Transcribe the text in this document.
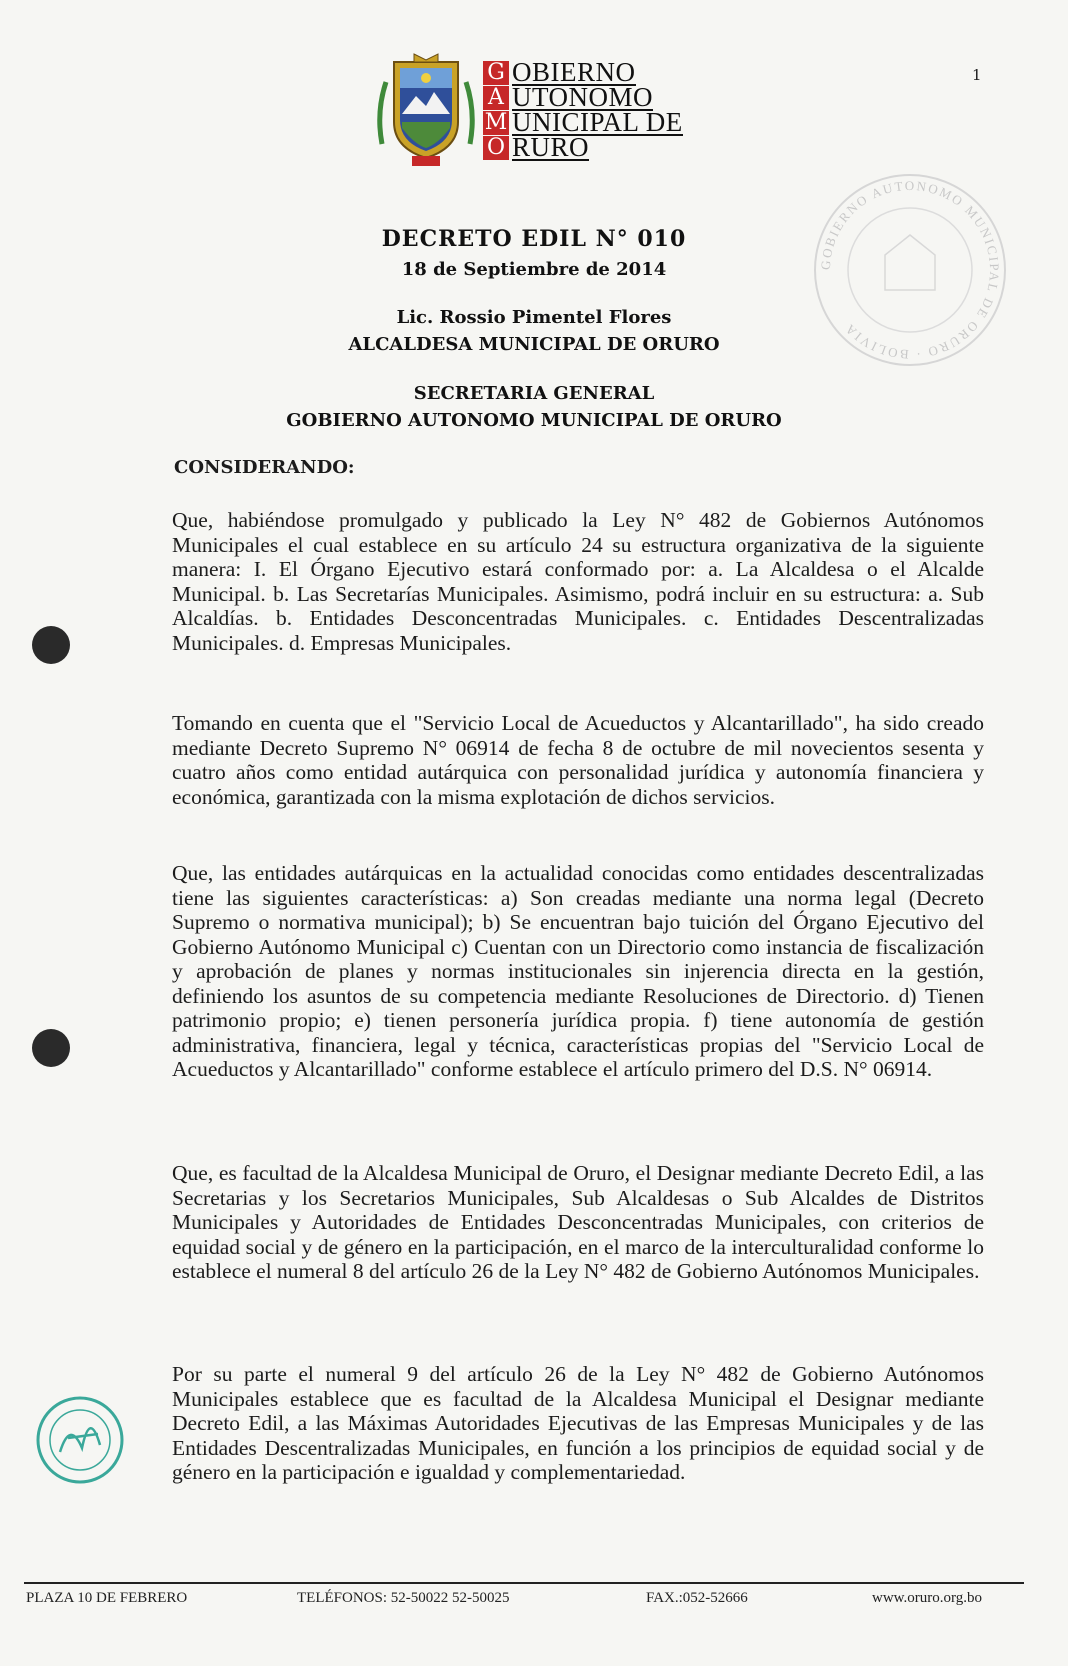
G OBIERNO
A UTONOMO
M UNICIPAL DE
O RURO
1
GOBIERNO AUTONOMO MUNICIPAL DE ORURO · BOLIVIA
DECRETO EDIL N° 010
18 de Septiembre de 2014
Lic. Rossio Pimentel Flores
ALCALDESA MUNICIPAL DE ORURO
SECRETARIA GENERAL
GOBIERNO AUTONOMO MUNICIPAL DE ORURO
CONSIDERANDO:
Que, habiéndose promulgado y publicado la Ley N° 482 de Gobiernos Autónomos Municipales el cual establece en su artículo 24 su estructura organizativa de la siguiente manera: I. El Órgano Ejecutivo estará conformado por: a. La Alcaldesa o el Alcalde Municipal. b. Las Secretarías Municipales. Asimismo, podrá incluir en su estructura: a. Sub Alcaldías. b. Entidades Desconcentradas Municipales. c. Entidades Descentralizadas Municipales. d. Empresas Municipales.
Tomando en cuenta que el "Servicio Local de Acueductos y Alcantarillado", ha sido creado mediante Decreto Supremo N° 06914 de fecha 8 de octubre de mil novecientos sesenta y cuatro años como entidad autárquica con personalidad jurídica y autonomía financiera y económica, garantizada con la misma explotación de dichos servicios.
Que, las entidades autárquicas en la actualidad conocidas como entidades descentralizadas tiene las siguientes características: a) Son creadas mediante una norma legal (Decreto Supremo o normativa municipal); b) Se encuentran bajo tuición del Órgano Ejecutivo del Gobierno Autónomo Municipal c) Cuentan con un Directorio como instancia de fiscalización y aprobación de planes y normas institucionales sin injerencia directa en la gestión, definiendo los asuntos de su competencia mediante Resoluciones de Directorio. d) Tienen patrimonio propio; e) tienen personería jurídica propia. f) tiene autonomía de gestión administrativa, financiera, legal y técnica, características propias del "Servicio Local de Acueductos y Alcantarillado" conforme establece el artículo primero del D.S. N° 06914.
Que, es facultad de la Alcaldesa Municipal de Oruro, el Designar mediante Decreto Edil, a las Secretarias y los Secretarios Municipales, Sub Alcaldesas o Sub Alcaldes de Distritos Municipales y Autoridades de Entidades Desconcentradas Municipales, con criterios de equidad social y de género en la participación, en el marco de la interculturalidad conforme lo establece el numeral 8 del artículo 26 de la Ley N° 482 de Gobierno Autónomos Municipales.
Por su parte el numeral 9 del artículo 26 de la Ley N° 482 de Gobierno Autónomos Municipales establece que es facultad de la Alcaldesa Municipal el Designar mediante Decreto Edil, a las Máximas Autoridades Ejecutivas de las Empresas Municipales y de las Entidades Descentralizadas Municipales, en función a los principios de equidad social y de género en la participación e igualdad y complementariedad.
PLAZA 10 DE FEBRERO	TELÉFONOS: 52-50022 52-50025	FAX.:052-52666	www.oruro.org.bo
